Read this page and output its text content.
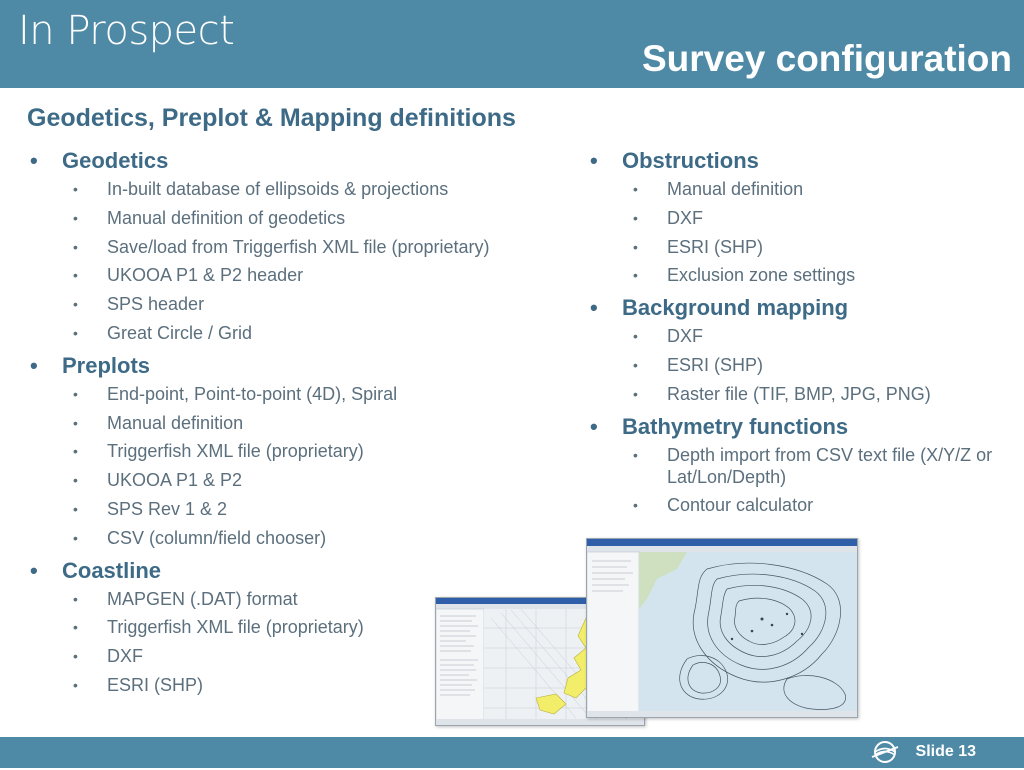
In Prospect
Survey configuration
Geodetics, Preplot & Mapping definitions
• Geodetics
• In-built database of ellipsoids & projections
• Manual definition of geodetics
• Save/load from Triggerfish XML file (proprietary)
• UKOOA P1 & P2 header
• SPS header
• Great Circle / Grid
• Preplots
• End-point, Point-to-point (4D), Spiral
• Manual definition
• Triggerfish XML file (proprietary)
• UKOOA P1 & P2
• SPS Rev 1 & 2
• CSV (column/field chooser)
• Coastline
• MAPGEN (.DAT) format
• Triggerfish XML file (proprietary)
• DXF
• ESRI (SHP)
• Obstructions
• Manual definition
• DXF
• ESRI (SHP)
• Exclusion zone settings
• Background mapping
• DXF
• ESRI (SHP)
• Raster file (TIF, BMP, JPG, PNG)
• Bathymetry functions
• Depth import from CSV text file (X/Y/Z or Lat/Lon/Depth)
• Contour calculator
Slide 13
